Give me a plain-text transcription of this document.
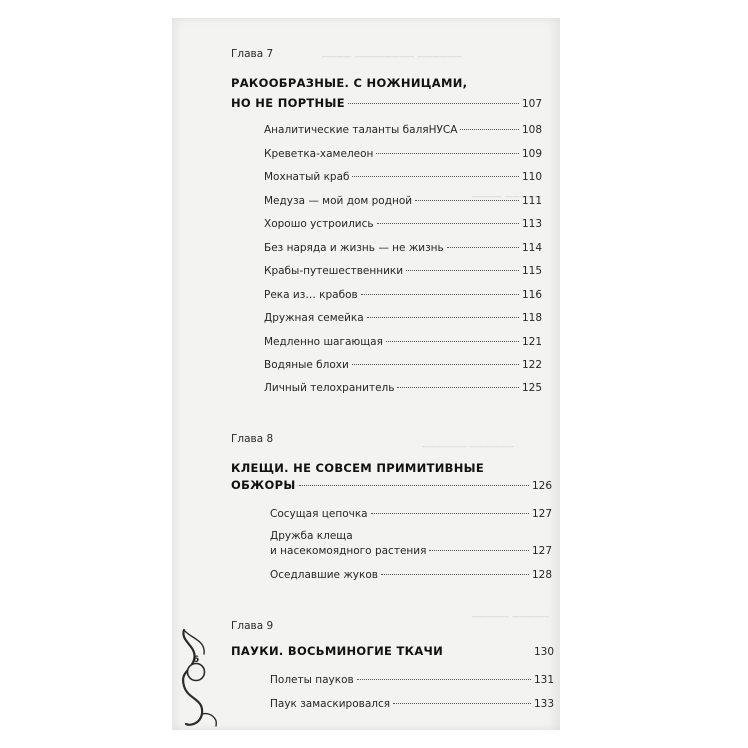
▁▁▁▁ ▁▁▁▁▁▁▁▁ ▁▁▁▁▁▁
▁▁▁▁ ▁▁▁▁▁
▁▁▁▁▁▁ ▁▁▁▁▁▁
▁▁▁▁▁ ▁▁▁▁▁
Глава 7
РАКООБРАЗНЫЕ. С НОЖНИЦАМИ,
НО НЕ ПОРТНЫЕ	107
Аналитические таланты баляНУСА	108
Креветка-хамелеон	109
Мохнатый краб	110
Медуза — мой дом родной	111
Хорошо устроились	113
Без наряда и жизнь — не жизнь	114
Крабы-путешественники	115
Река из… крабов	116
Дружная семейка	118
Медленно шагающая	121
Водяные блохи	122
Личный телохранитель	125
Глава 8
КЛЕЩИ. НЕ СОВСЕМ ПРИМИТИВНЫЕ
ОБЖОРЫ	126
Сосущая цепочка	127
Дружба клеща
и насекомоядного растения	127
Оседлавшие жуков	128
Глава 9
ПАУКИ. ВОСЬМИНОГИЕ ТКАЧИ	130
Полеты пауков	131
Паук замаскировался	133
6
